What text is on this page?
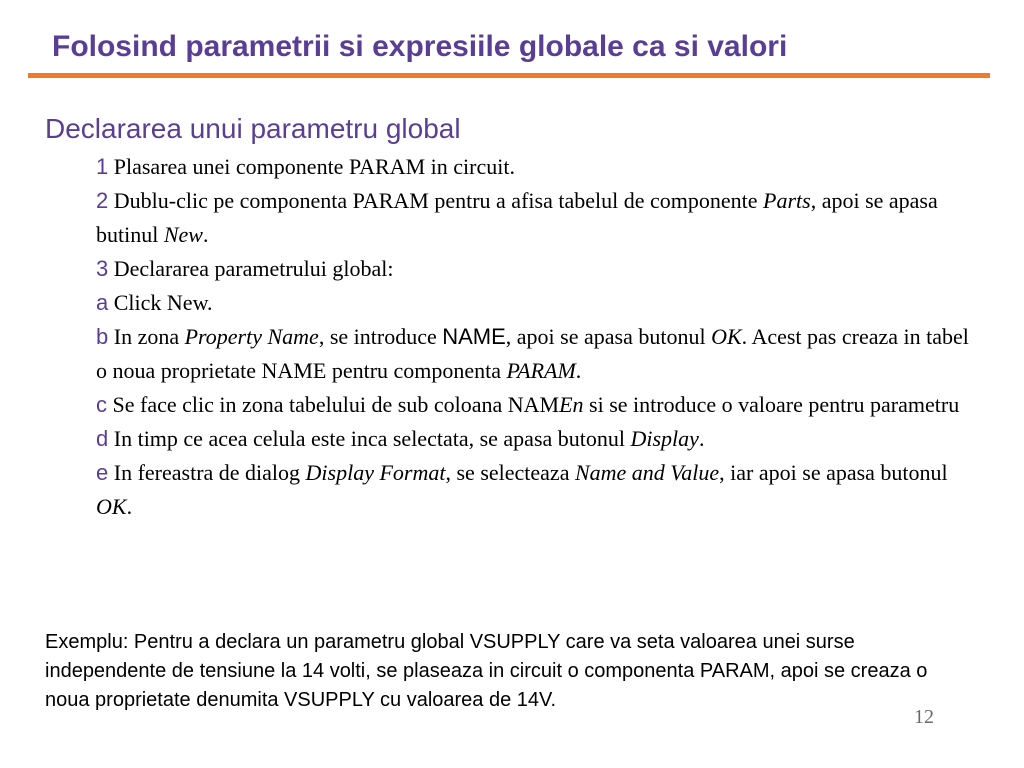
Folosind parametrii si expresiile globale ca si valori
Declararea unui parametru global
1 Plasarea unei componente PARAM in circuit.
2 Dublu-clic pe componenta PARAM pentru a afisa tabelul de componente Parts, apoi se apasa butinul New.
3 Declararea parametrului global:
a Click New.
b In zona Property Name, se introduce NAME, apoi se apasa butonul OK. Acest pas creaza in tabel o noua proprietate NAME pentru componenta PARAM.
c Se face clic in zona tabelului de sub coloana NAMEn si se introduce o valoare pentru parametru
d In timp ce acea celula este inca selectata, se apasa butonul Display.
e In fereastra de dialog Display Format, se selecteaza Name and Value, iar apoi se apasa butonul OK.
Exemplu: Pentru a declara un parametru global VSUPPLY care va seta valoarea unei surse independente de tensiune la 14 volti, se plaseaza in circuit o componenta PARAM, apoi se creaza o noua proprietate denumita VSUPPLY cu valoarea de 14V.
12
